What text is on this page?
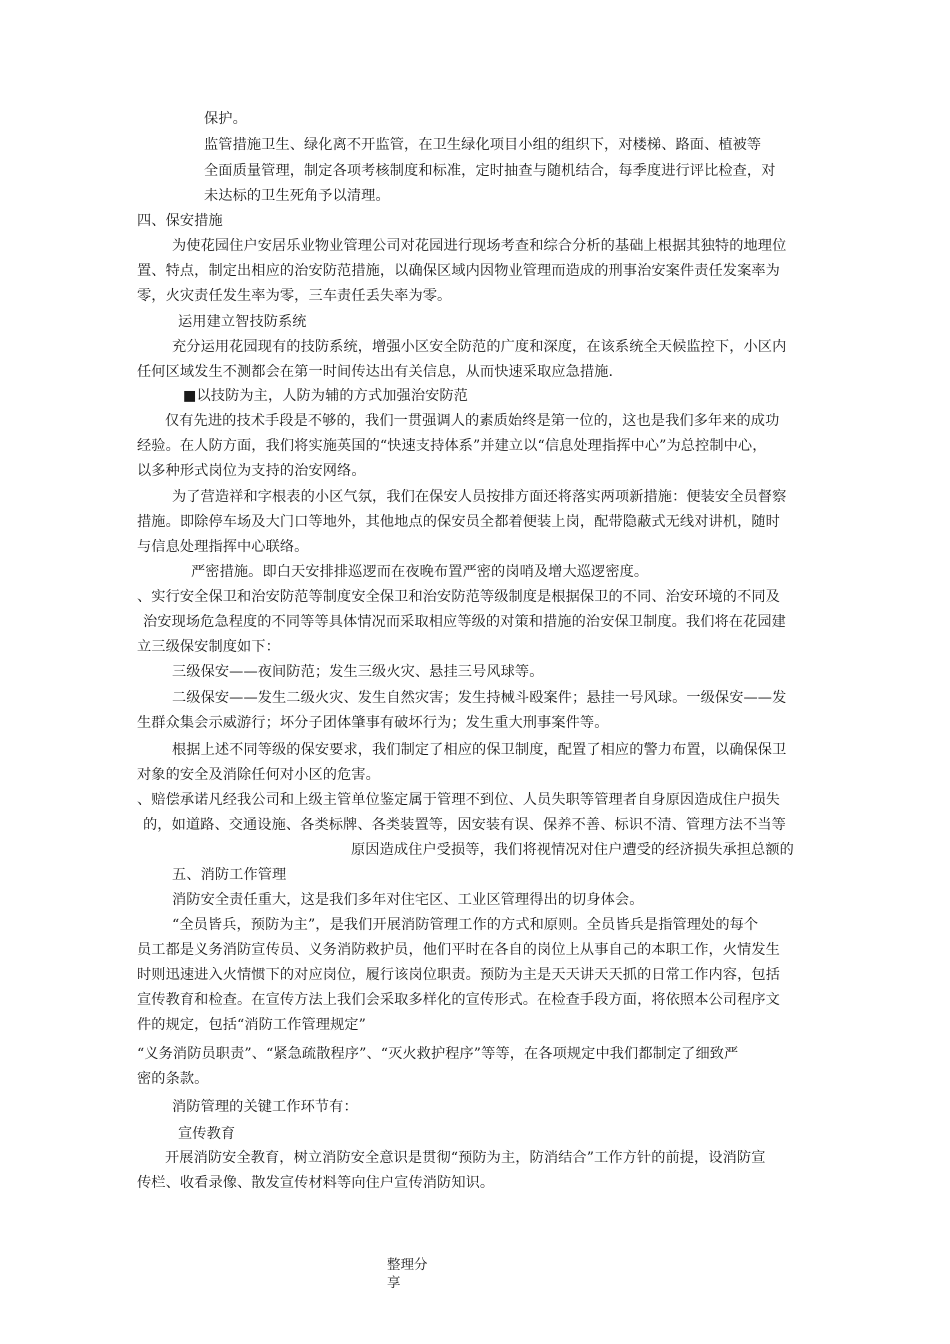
保护。
监管措施卫生、绿化离不开监管，在卫生绿化项目小组的组织下，对楼梯、路面、植被等
全面质量管理，制定各项考核制度和标准，定时抽查与随机结合，每季度进行评比检查，对
未达标的卫生死角予以清理。
四、保安措施
为使花园住户安居乐业物业管理公司对花园进行现场考查和综合分析的基础上根据其独特的地理位
置、特点，制定出相应的治安防范措施，以确保区域内因物业管理而造成的刑事治安案件责任发案率为
零，火灾责任发生率为零，三车责任丢失率为零。
运用建立智技防系统
充分运用花园现有的技防系统，增强小区安全防范的广度和深度，在该系统全天候监控下，小区内
任何区域发生不测都会在第一时间传达出有关信息，从而快速采取应急措施.
■以技防为主，人防为辅的方式加强治安防范
仅有先进的技术手段是不够的，我们一贯强调人的素质始终是第一位的，这也是我们多年来的成功
经验。在人防方面，我们将实施英国的“快速支持体系”并建立以“信息处理指挥中心”为总控制中心，
以多种形式岗位为支持的治安网络。
为了营造祥和字根表的小区气氛，我们在保安人员按排方面还将落实两项新措施：便装安全员督察
措施。即除停车场及大门口等地外，其他地点的保安员全都着便装上岗，配带隐蔽式无线对讲机，随时
与信息处理指挥中心联络。
严密措施。即白天安排排巡逻而在夜晚布置严密的岗哨及增大巡逻密度。
、实行安全保卫和治安防范等制度安全保卫和治安防范等级制度是根据保卫的不同、治安环境的不同及
治安现场危急程度的不同等等具体情况而采取相应等级的对策和措施的治安保卫制度。我们将在花园建
立三级保安制度如下：
三级保安——夜间防范；发生三级火灾、悬挂三号风球等。
二级保安——发生二级火灾、发生自然灾害；发生持械斗殴案件；悬挂一号风球。一级保安——发
生群众集会示威游行；坏分子团体肇事有破坏行为；发生重大刑事案件等。
根据上述不同等级的保安要求，我们制定了相应的保卫制度，配置了相应的警力布置，以确保保卫
对象的安全及消除任何对小区的危害。
、赔偿承诺凡经我公司和上级主管单位鉴定属于管理不到位、人员失职等管理者自身原因造成住户损失
的，如道路、交通设施、各类标牌、各类装置等，因安装有误、保养不善、标识不清、管理方法不当等
原因造成住户受损等，我们将视情况对住户遭受的经济损失承担总额的
五、消防工作管理
消防安全责任重大，这是我们多年对住宅区、工业区管理得出的切身体会。
“全员皆兵，预防为主”，是我们开展消防管理工作的方式和原则。全员皆兵是指管理处的每个
员工都是义务消防宣传员、义务消防救护员，他们平时在各自的岗位上从事自己的本职工作，火情发生
时则迅速进入火情惯下的对应岗位，履行该岗位职责。预防为主是天天讲天天抓的日常工作内容，包括
宣传教育和检查。在宣传方法上我们会采取多样化的宣传形式。在检查手段方面，将依照本公司程序文
件的规定，包括“消防工作管理规定”
“义务消防员职责”、“紧急疏散程序”、“灭火救护程序”等等，在各项规定中我们都制定了细致严
密的条款。
消防管理的关键工作环节有：
宣传教育
开展消防安全教育，树立消防安全意识是贯彻“预防为主，防消结合”工作方针的前提，设消防宣
传栏、收看录像、散发宣传材料等向住户宣传消防知识。
整理分
享
